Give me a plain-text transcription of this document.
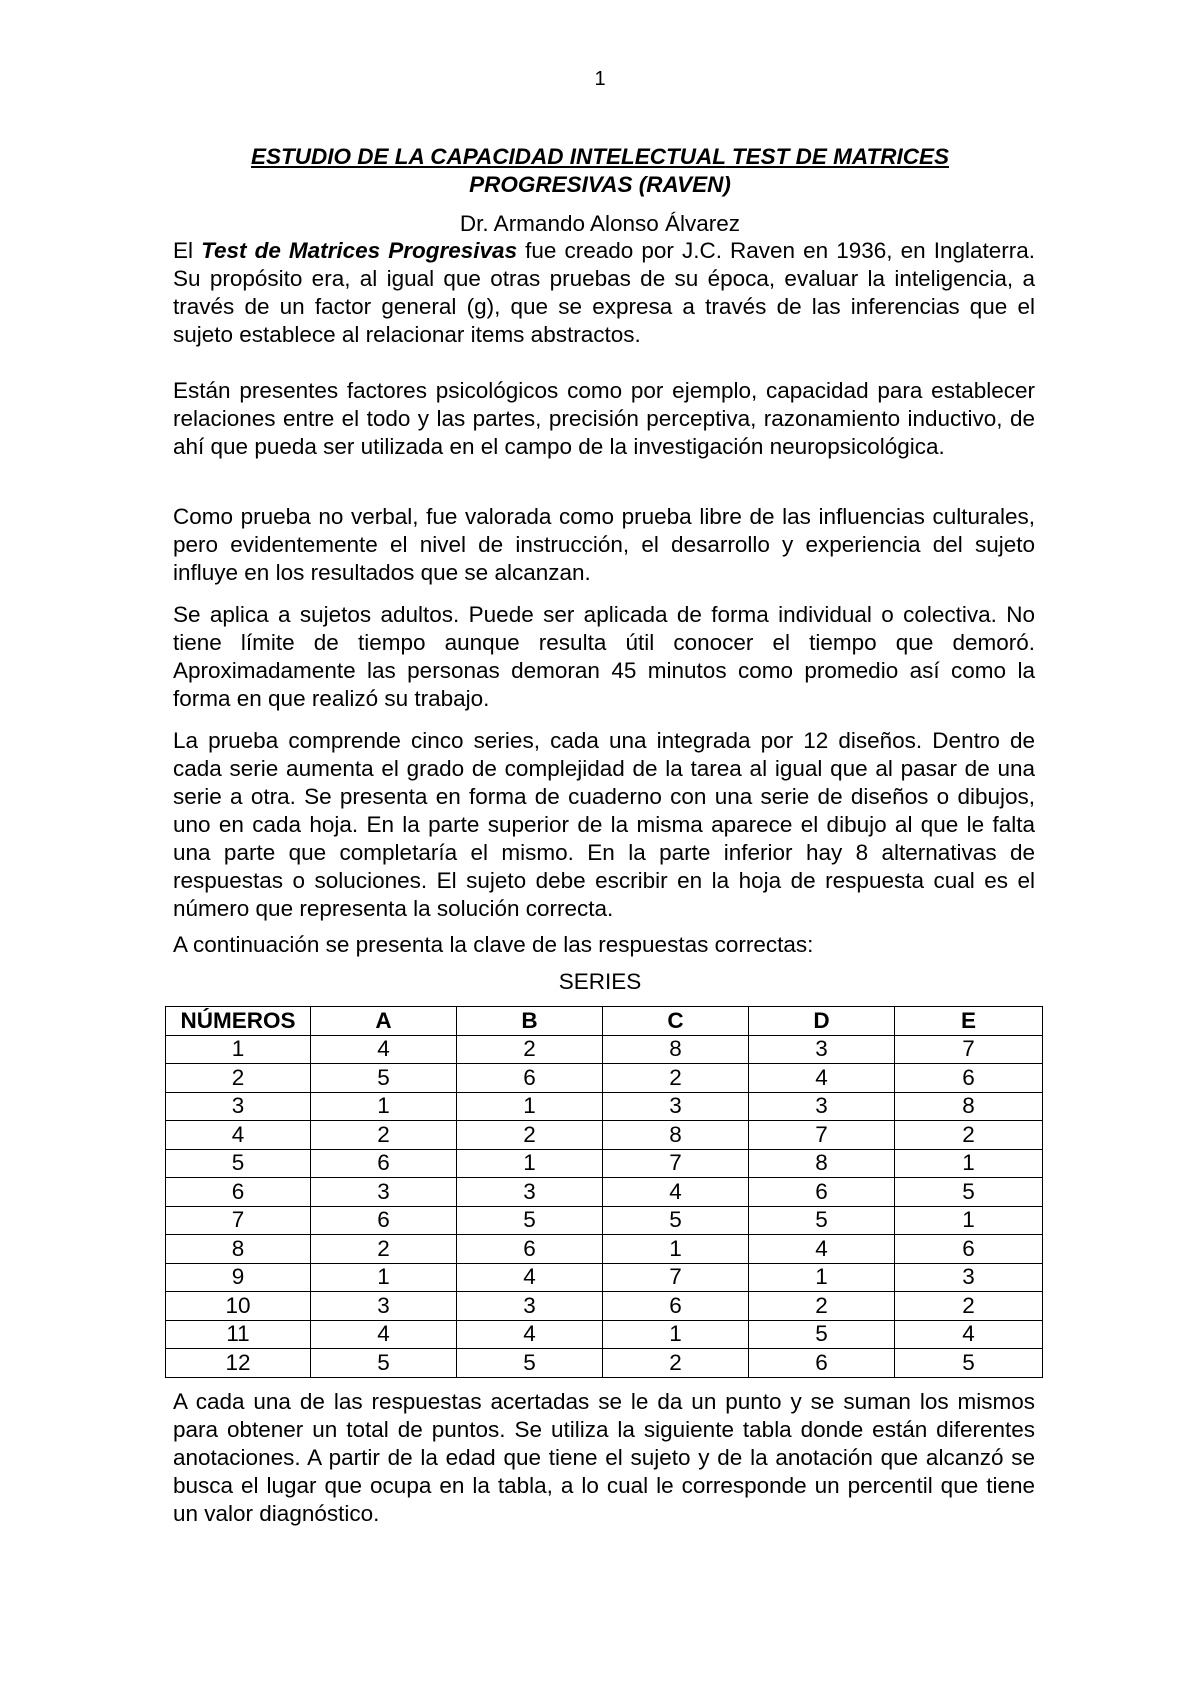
1
ESTUDIO DE LA CAPACIDAD INTELECTUAL TEST DE MATRICES
PROGRESIVAS (RAVEN)
Dr. Armando Alonso Álvarez

El Test de Matrices Progresivas fue creado por J.C. Raven en 1936, en Inglaterra. Su propósito era, al igual que otras pruebas de su época, evaluar la inteligencia, a través de un factor general (g), que se expresa a través de las inferencias que el sujeto establece al relacionar items abstractos.

Están presentes factores psicológicos como por ejemplo, capacidad para establecer relaciones entre el todo y las partes, precisión perceptiva, razonamiento inductivo, de ahí que pueda ser utilizada en el campo de la investigación neuropsicológica.

Como prueba no verbal, fue valorada como prueba libre de las influencias culturales, pero evidentemente el nivel de instrucción, el desarrollo y experiencia del sujeto influye en los resultados que se alcanzan.

Se aplica a sujetos adultos. Puede ser aplicada de forma individual o colectiva. No tiene límite de tiempo aunque resulta útil conocer el tiempo que demoró. Aproximadamente las personas demoran 45 minutos como promedio así como la forma en que realizó su trabajo.

La prueba comprende cinco series, cada una integrada por 12 diseños. Dentro de cada serie aumenta el grado de complejidad de la tarea al igual que al pasar de una serie a otra. Se presenta en forma de cuaderno con una serie de diseños o dibujos, uno en cada hoja. En la parte superior de la misma aparece el dibujo al que le falta una parte que completaría el mismo. En la parte inferior hay 8 alternativas de respuestas o soluciones. El sujeto debe escribir en la hoja de respuesta cual es el número que representa la solución correcta.

A continuación se presenta la clave de las respuestas correctas:

SERIES
NÚMEROS	A	B	C	D	E
1	4	2	8	3	7
2	5	6	2	4	6
3	1	1	3	3	8
4	2	2	8	7	2
5	6	1	7	8	1
6	3	3	4	6	5
7	6	5	5	5	1
8	2	6	1	4	6
9	1	4	7	1	3
10	3	3	6	2	2
11	4	4	1	5	4
12	5	5	2	6	5

A cada una de las respuestas acertadas se le da un punto y se suman los mismos para obtener un total de puntos. Se utiliza la siguiente tabla donde están diferentes anotaciones. A partir de la edad que tiene el sujeto y de la anotación que alcanzó se busca el lugar que ocupa en la tabla, a lo cual le corresponde un percentil que tiene un valor diagnóstico.
